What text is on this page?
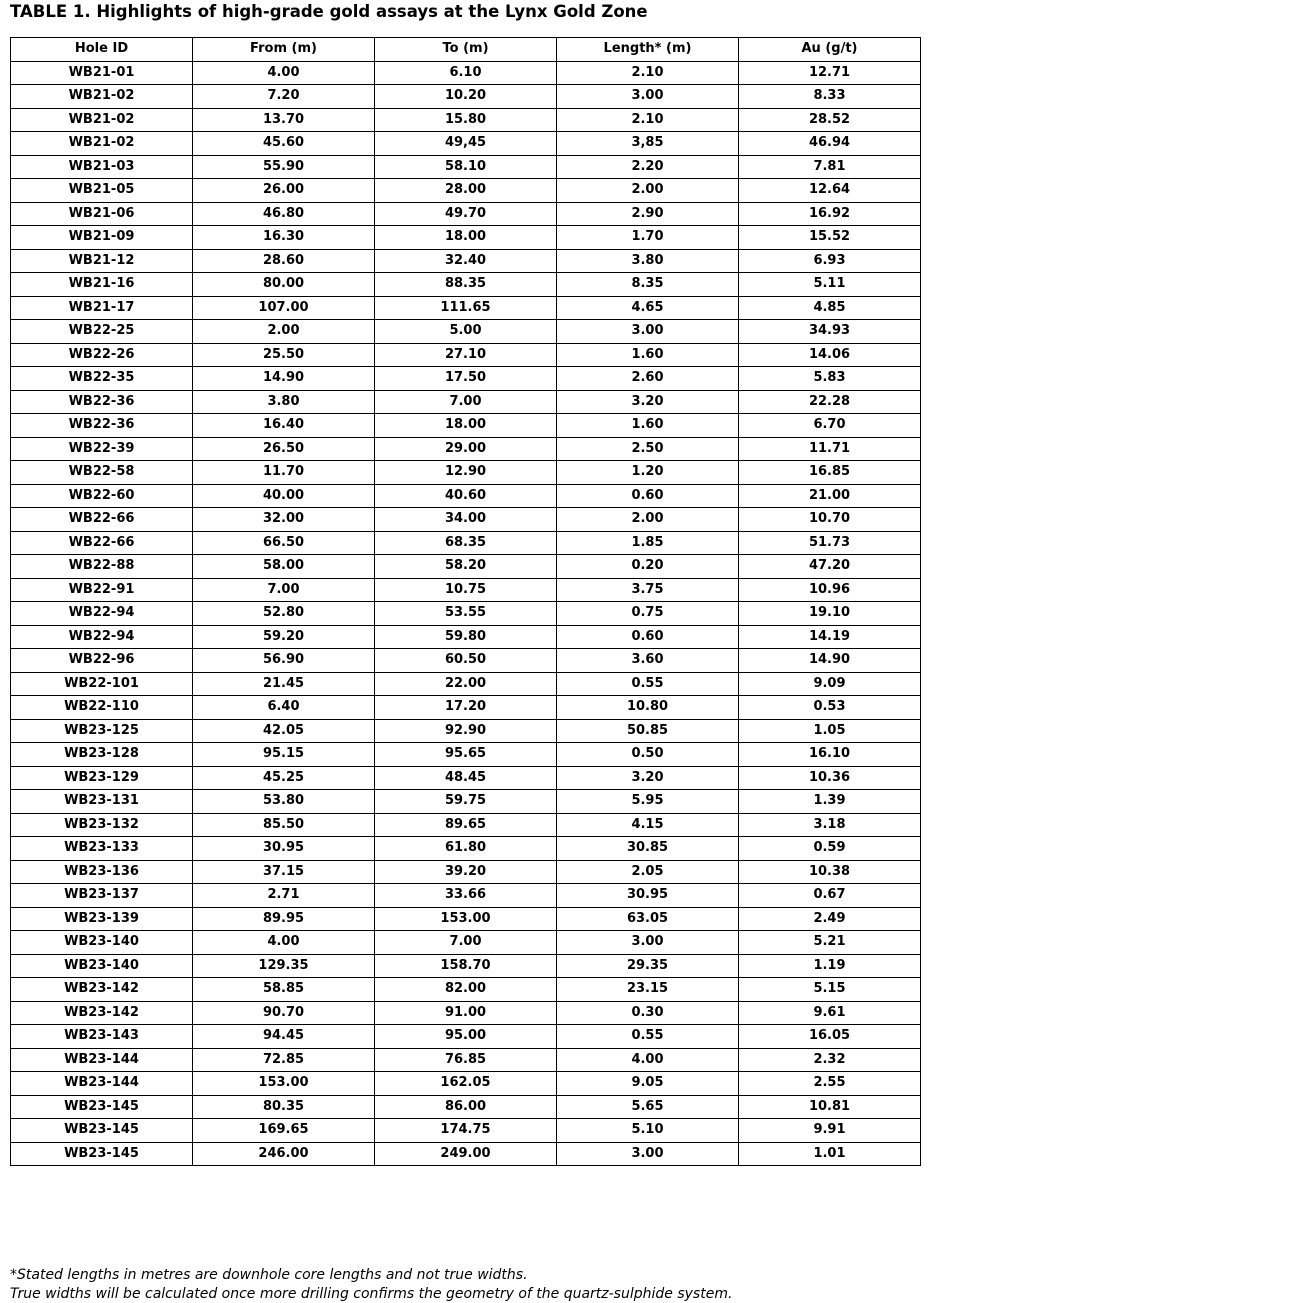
TABLE 1. Highlights of high-grade gold assays at the Lynx Gold Zone
Hole ID	From (m)	To (m)	Length* (m)	Au (g/t)
WB21-01	4.00	6.10	2.10	12.71
WB21-02	7.20	10.20	3.00	8.33
WB21-02	13.70	15.80	2.10	28.52
WB21-02	45.60	49,45	3,85	46.94
WB21-03	55.90	58.10	2.20	7.81
WB21-05	26.00	28.00	2.00	12.64
WB21-06	46.80	49.70	2.90	16.92
WB21-09	16.30	18.00	1.70	15.52
WB21-12	28.60	32.40	3.80	6.93
WB21-16	80.00	88.35	8.35	5.11
WB21-17	107.00	111.65	4.65	4.85
WB22-25	2.00	5.00	3.00	34.93
WB22-26	25.50	27.10	1.60	14.06
WB22-35	14.90	17.50	2.60	5.83
WB22-36	3.80	7.00	3.20	22.28
WB22-36	16.40	18.00	1.60	6.70
WB22-39	26.50	29.00	2.50	11.71
WB22-58	11.70	12.90	1.20	16.85
WB22-60	40.00	40.60	0.60	21.00
WB22-66	32.00	34.00	2.00	10.70
WB22-66	66.50	68.35	1.85	51.73
WB22-88	58.00	58.20	0.20	47.20
WB22-91	7.00	10.75	3.75	10.96
WB22-94	52.80	53.55	0.75	19.10
WB22-94	59.20	59.80	0.60	14.19
WB22-96	56.90	60.50	3.60	14.90
WB22-101	21.45	22.00	0.55	9.09
WB22-110	6.40	17.20	10.80	0.53
WB23-125	42.05	92.90	50.85	1.05
WB23-128	95.15	95.65	0.50	16.10
WB23-129	45.25	48.45	3.20	10.36
WB23-131	53.80	59.75	5.95	1.39
WB23-132	85.50	89.65	4.15	3.18
WB23-133	30.95	61.80	30.85	0.59
WB23-136	37.15	39.20	2.05	10.38
WB23-137	2.71	33.66	30.95	0.67
WB23-139	89.95	153.00	63.05	2.49
WB23-140	4.00	7.00	3.00	5.21
WB23-140	129.35	158.70	29.35	1.19
WB23-142	58.85	82.00	23.15	5.15
WB23-142	90.70	91.00	0.30	9.61
WB23-143	94.45	95.00	0.55	16.05
WB23-144	72.85	76.85	4.00	2.32
WB23-144	153.00	162.05	9.05	2.55
WB23-145	80.35	86.00	5.65	10.81
WB23-145	169.65	174.75	5.10	9.91
WB23-145	246.00	249.00	3.00	1.01
*Stated lengths in metres are downhole core lengths and not true widths.
True widths will be calculated once more drilling confirms the geometry of the quartz-sulphide system.
